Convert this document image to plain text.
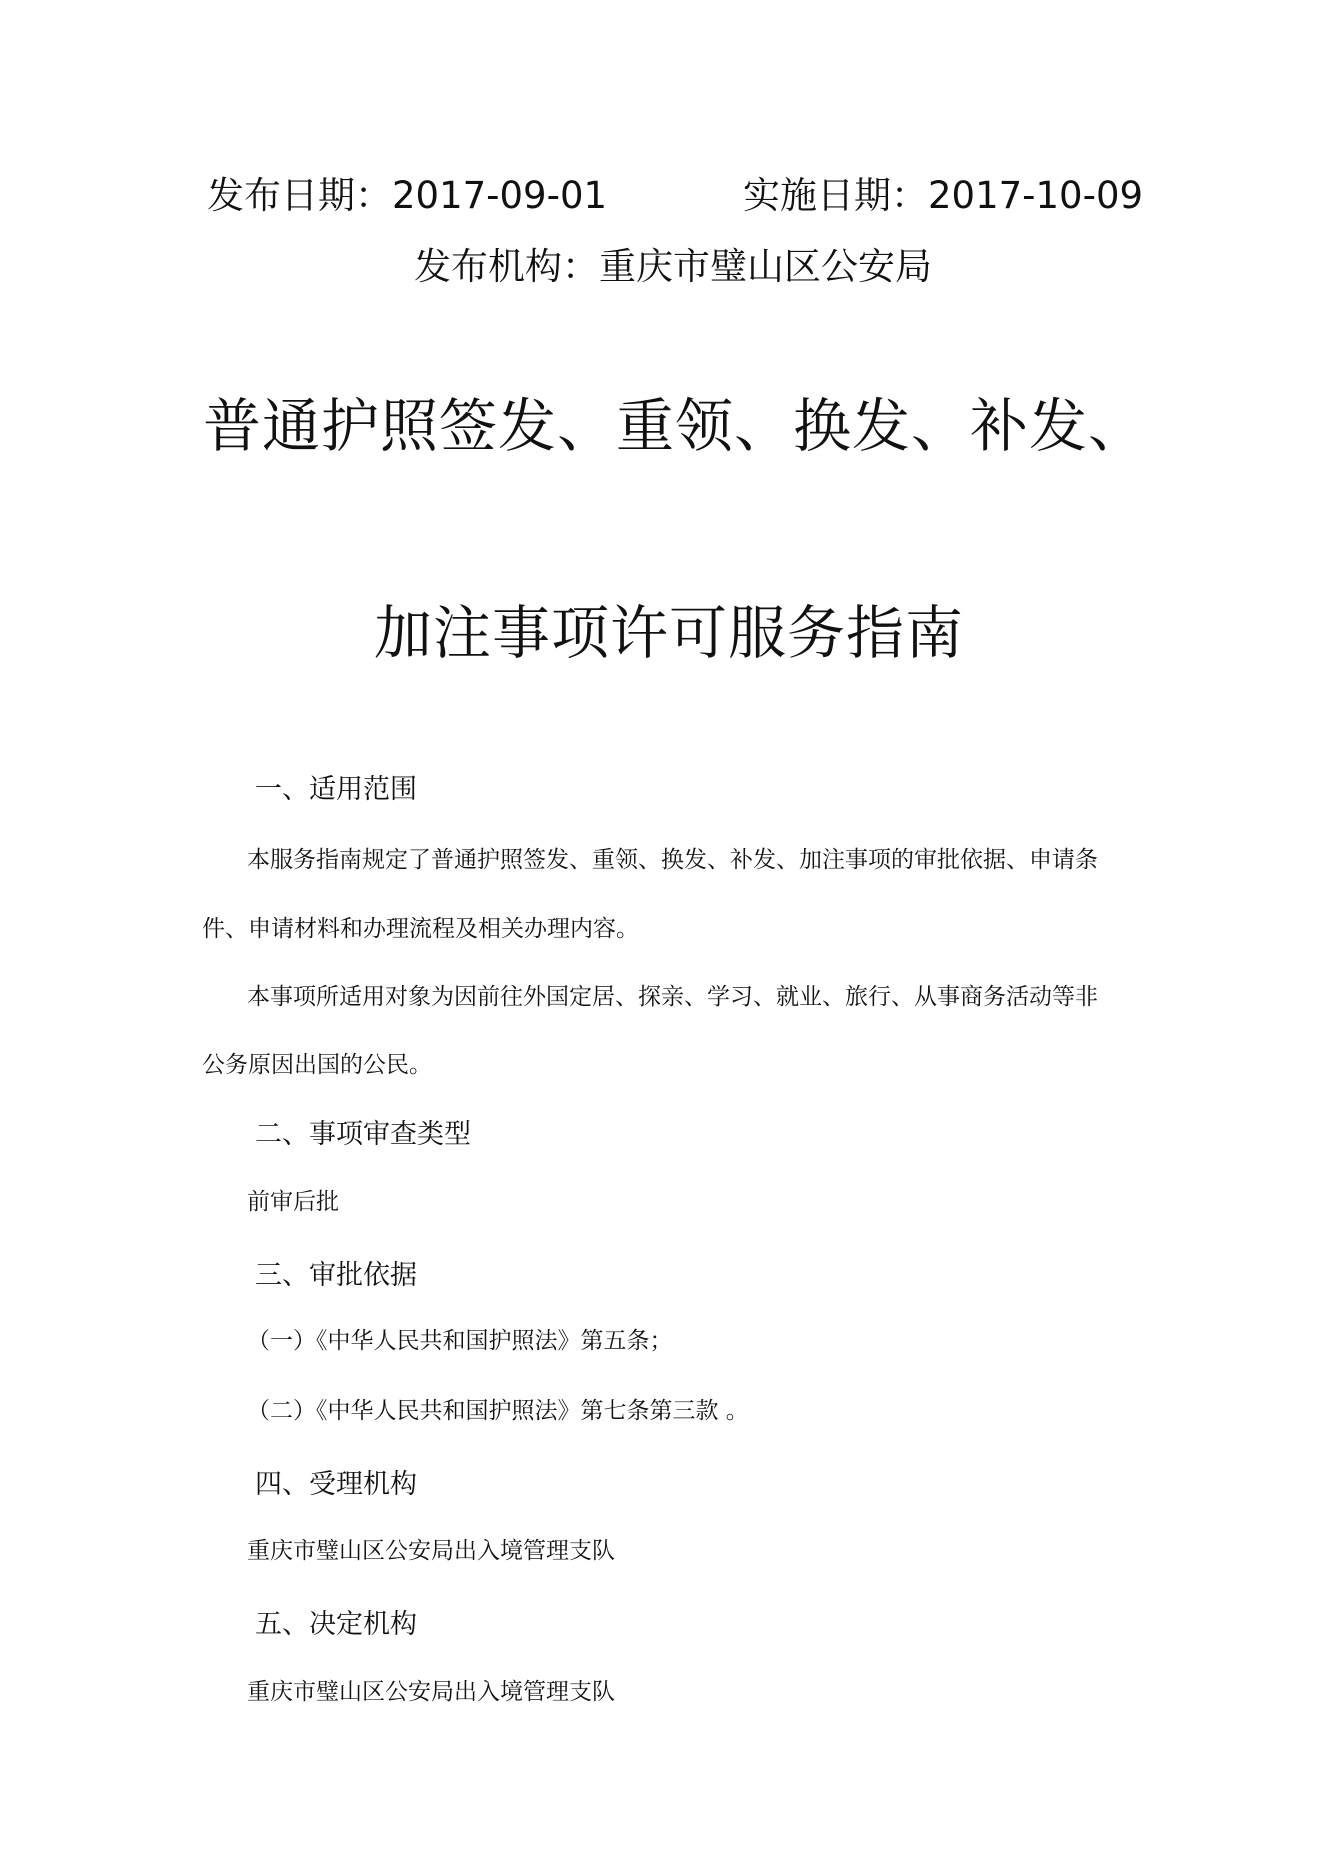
发布日期：2017-09-01	实施日期：2017-10-09
发布机构：重庆市璧山区公安局
普通护照签发、重领、换发、补发、
加注事项许可服务指南
一、适用范围
本服务指南规定了普通护照签发、重领、换发、补发、加注事项的审批依据、申请条
件、申请材料和办理流程及相关办理内容。
本事项所适用对象为因前往外国定居、探亲、学习、就业、旅行、从事商务活动等非
公务原因出国的公民。
二、事项审查类型
前审后批
三、审批依据
（一）《中华人民共和国护照法》第五条；
（二）《中华人民共和国护照法》第七条第三款 。
四、受理机构
重庆市璧山区公安局出入境管理支队
五、决定机构
重庆市璧山区公安局出入境管理支队
